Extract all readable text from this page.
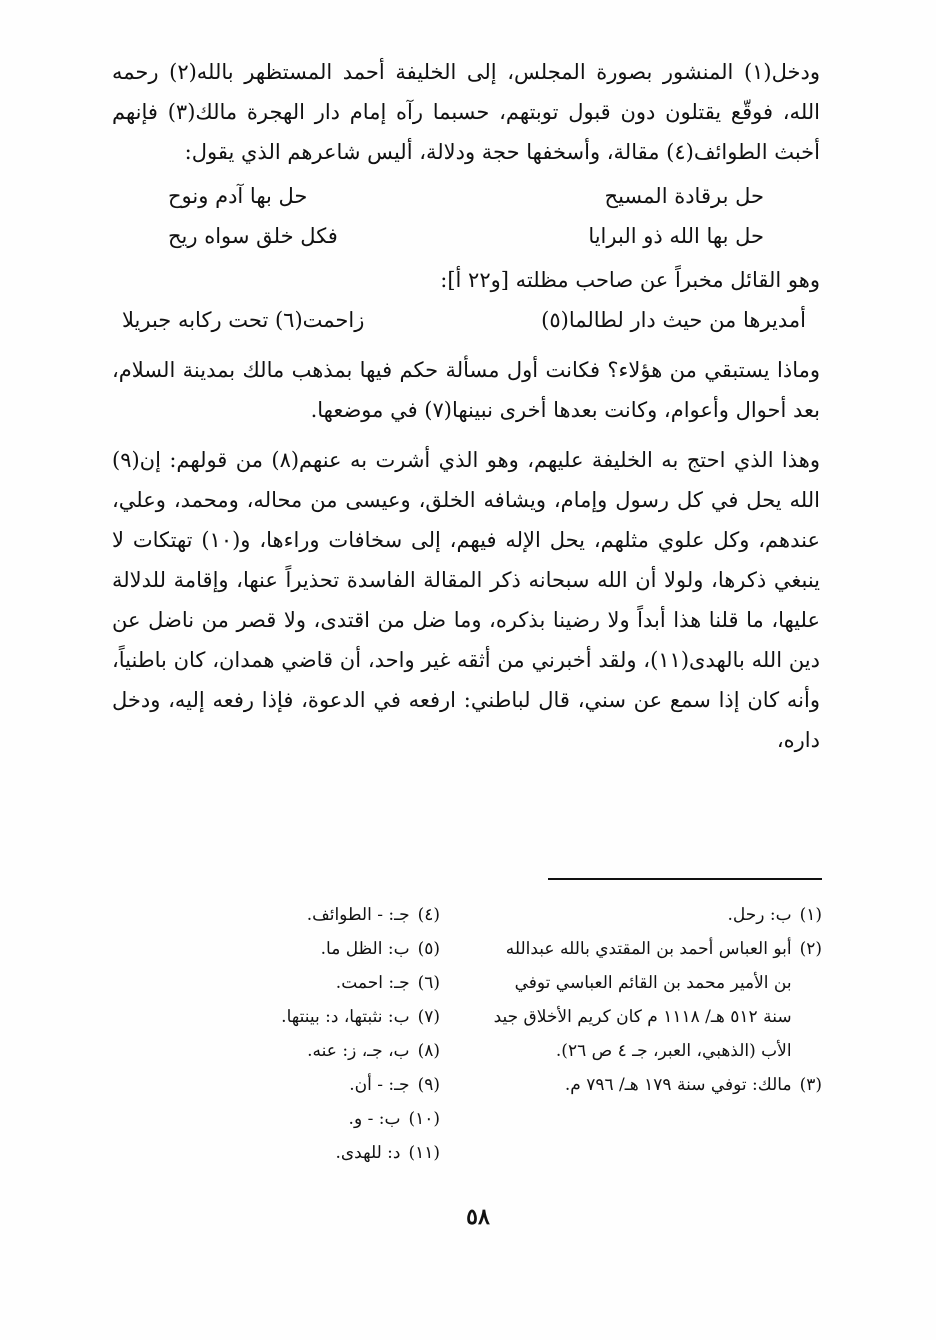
ودخل(١) المنشور بصورة المجلس، إلى الخليفة أحمد المستظهر بالله(٢) رحمه الله، فوقّع يقتلون دون قبول توبتهم، حسبما رآه إمام دار الهجرة مالك(٣) فإنهم أخبث الطوائف(٤) مقالة، وأسخفها حجة ودلالة، أليس شاعرهم الذي يقول:

حل برقادة المسيح
حل بها آدم ونوح
حل بها الله ذو البرايا
فكل خلق سواه ريح

وهو القائل مخبراً عن صاحب مظلته [و٢٢ أ]:

أمديرها من حيث دار لطالما(٥)
زاحمت(٦) تحت ركابه جبريلا

وماذا يستبقي من هؤلاء؟ فكانت أول مسألة حكم فيها بمذهب مالك بمدينة السلام، بعد أحوال وأعوام، وكانت بعدها أخرى نبينها(٧) في موضعها.

وهذا الذي احتج به الخليفة عليهم، وهو الذي أشرت به عنهم(٨) من قولهم: إن(٩) الله يحل في كل رسول وإمام، ويشافه الخلق، وعيسى من محاله، ومحمد، وعلي، عندهم، وكل علوي مثلهم، يحل الإله فيهم، إلى سخافات وراءها، و(١٠) تهتكات لا ينبغي ذكرها، ولولا أن الله سبحانه ذكر المقالة الفاسدة تحذيراً عنها، وإقامة للدلالة عليها، ما قلنا هذا أبداً ولا رضينا بذكره، وما ضل من اقتدى، ولا قصر من ناضل عن دين الله بالهدى(١١)، ولقد أخبرني من أثقه غير واحد، أن قاضي همدان، كان باطنياً، وأنه كان إذا سمع عن سني، قال لباطني: ارفعه في الدعوة، فإذا رفعه إليه، ودخل داره،

(١)
ب: رحل.
(٢)
أبو العباس أحمد بن المقتدي بالله عبدالله بن الأمير محمد بن القائم العباسي توفي سنة ٥١٢ هـ/ ١١١٨ م كان كريم الأخلاق جيد الأب (الذهبي، العبر، جـ ٤ ص ٢٦).
(٣)
مالك: توفي سنة ١٧٩ هـ/ ٧٩٦ م.
(٤)
جـ: - الطوائف.
(٥)
ب: الظل ما.
(٦)
جـ: احمت.
(٧)
ب: نثبتها، د: بينتها.
(٨)
ب، جـ، ز: عنه.
(٩)
جـ: - أن.
(١٠)
ب: - و.
(١١)
د: للهدى.
٥٨
